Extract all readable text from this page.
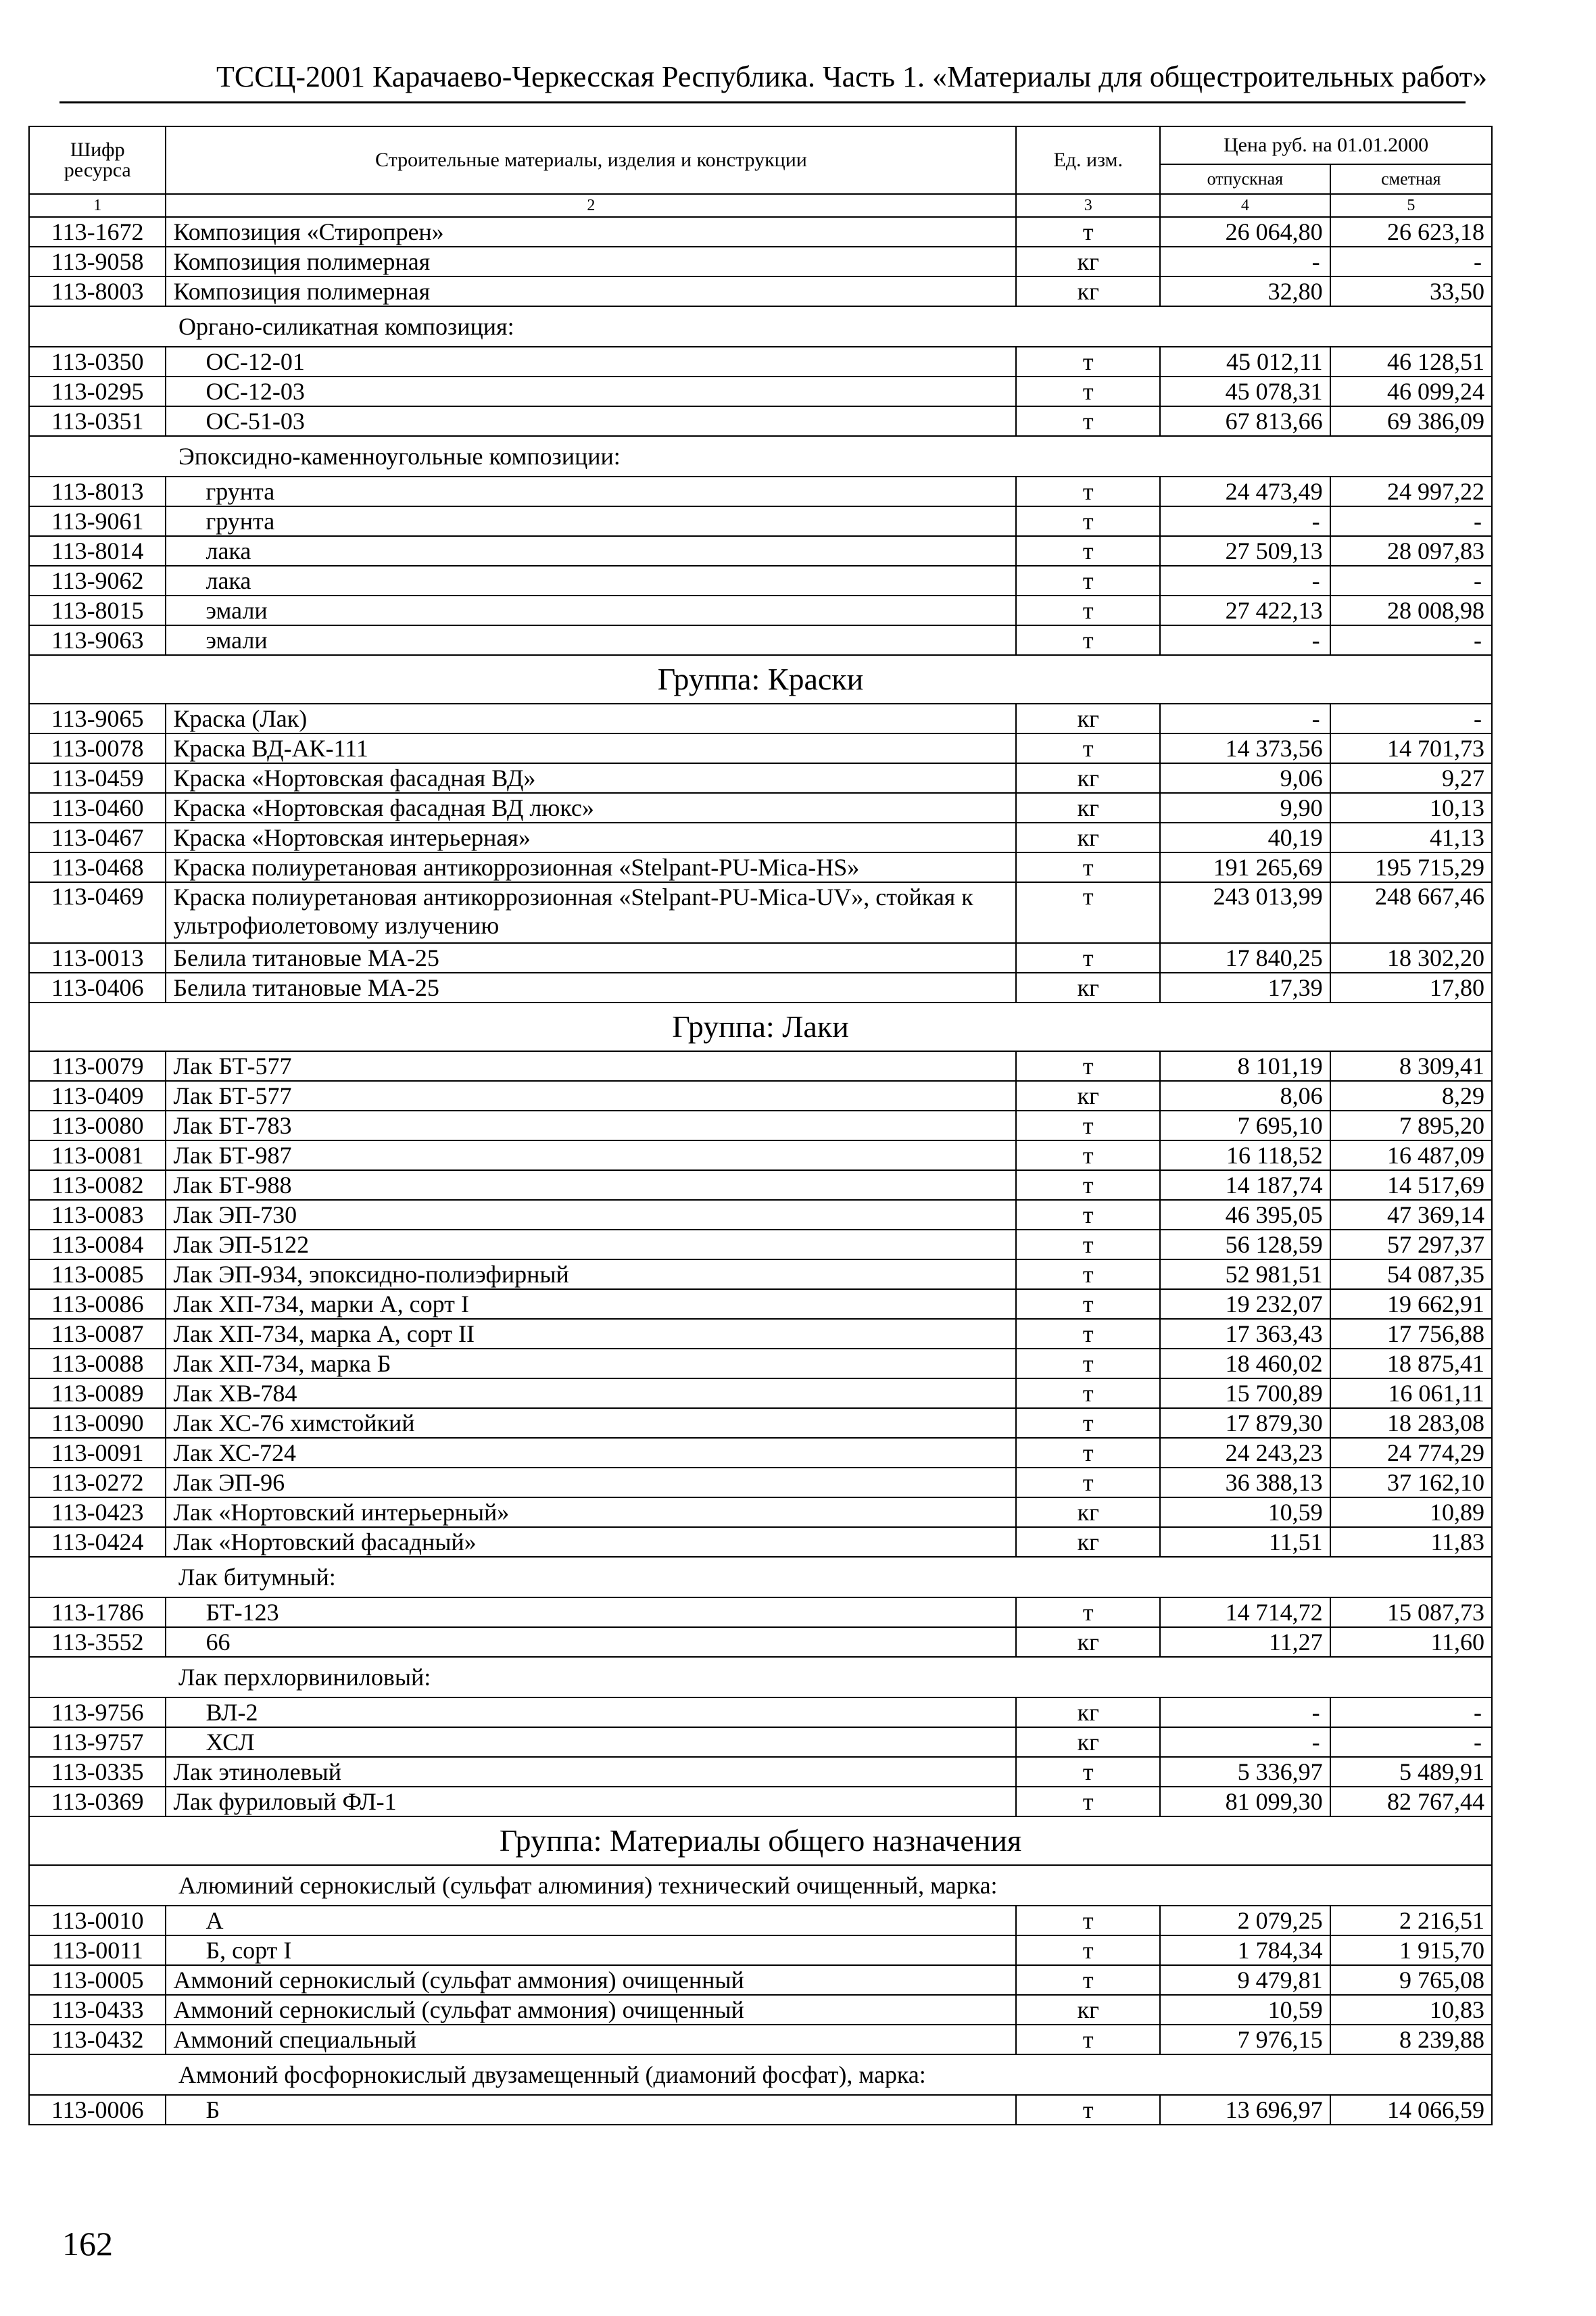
ТССЦ-2001 Карачаево-Черкесская Республика. Часть 1. «Материалы для общестроительных работ»
Шифр ресурса	Строительные материалы, изделия и конструкции	Ед. изм.	Цена руб. на 01.01.2000	
			отпускная	сметная
1	2	3	4	5
113-1672	Композиция «Стиропрен»	т	26 064,80	26 623,18
113-9058	Композиция полимерная	кг	-	-
113-8003	Композиция полимерная	кг	32,80	33,50
Органо-силикатная композиция:				
113-0350	ОС-12-01	т	45 012,11	46 128,51
113-0295	ОС-12-03	т	45 078,31	46 099,24
113-0351	ОС-51-03	т	67 813,66	69 386,09
Эпоксидно-каменноугольные композиции:				
113-8013	грунта	т	24 473,49	24 997,22
113-9061	грунта	т	-	-
113-8014	лака	т	27 509,13	28 097,83
113-9062	лака	т	-	-
113-8015	эмали	т	27 422,13	28 008,98
113-9063	эмали	т	-	-
Группа: Краски				
113-9065	Краска (Лак)	кг	-	-
113-0078	Краска ВД-АК-111	т	14 373,56	14 701,73
113-0459	Краска «Нортовская фасадная ВД»	кг	9,06	9,27
113-0460	Краска «Нортовская фасадная ВД люкс»	кг	9,90	10,13
113-0467	Краска «Нортовская интерьерная»	кг	40,19	41,13
113-0468	Краска полиуретановая антикоррозионная «Stelpant-PU-Mica-HS»	т	191 265,69	195 715,29
113-0469	Краска полиуретановая антикоррозионная «Stelpant-PU-Mica-UV», стойкая к ультрофиолетовому излучению	т	243 013,99	248 667,46
113-0013	Белила титановые МА-25	т	17 840,25	18 302,20
113-0406	Белила титановые МА-25	кг	17,39	17,80
Группа: Лаки				
113-0079	Лак БТ-577	т	8 101,19	8 309,41
113-0409	Лак БТ-577	кг	8,06	8,29
113-0080	Лак БТ-783	т	7 695,10	7 895,20
113-0081	Лак БТ-987	т	16 118,52	16 487,09
113-0082	Лак БТ-988	т	14 187,74	14 517,69
113-0083	Лак ЭП-730	т	46 395,05	47 369,14
113-0084	Лак ЭП-5122	т	56 128,59	57 297,37
113-0085	Лак ЭП-934, эпоксидно-полиэфирный	т	52 981,51	54 087,35
113-0086	Лак ХП-734, марки А, сорт I	т	19 232,07	19 662,91
113-0087	Лак ХП-734, марка А, сорт II	т	17 363,43	17 756,88
113-0088	Лак ХП-734, марка Б	т	18 460,02	18 875,41
113-0089	Лак ХВ-784	т	15 700,89	16 061,11
113-0090	Лак ХС-76 химстойкий	т	17 879,30	18 283,08
113-0091	Лак ХС-724	т	24 243,23	24 774,29
113-0272	Лак ЭП-96	т	36 388,13	37 162,10
113-0423	Лак «Нортовский интерьерный»	кг	10,59	10,89
113-0424	Лак «Нортовский фасадный»	кг	11,51	11,83
Лак битумный:				
113-1786	БТ-123	т	14 714,72	15 087,73
113-3552	66	кг	11,27	11,60
Лак перхлорвиниловый:				
113-9756	ВЛ-2	кг	-	-
113-9757	ХСЛ	кг	-	-
113-0335	Лак этинолевый	т	5 336,97	5 489,91
113-0369	Лак фуриловый ФЛ-1	т	81 099,30	82 767,44
Группа: Материалы общего назначения				
Алюминий сернокислый (сульфат алюминия) технический очищенный, марка:				
113-0010	А	т	2 079,25	2 216,51
113-0011	Б, сорт I	т	1 784,34	1 915,70
113-0005	Аммоний сернокислый (сульфат аммония) очищенный	т	9 479,81	9 765,08
113-0433	Аммоний сернокислый (сульфат аммония) очищенный	кг	10,59	10,83
113-0432	Аммоний специальный	т	7 976,15	8 239,88
Аммоний фосфорнокислый двузамещенный (диамоний фосфат), марка:				
113-0006	Б	т	13 696,97	14 066,59
162
